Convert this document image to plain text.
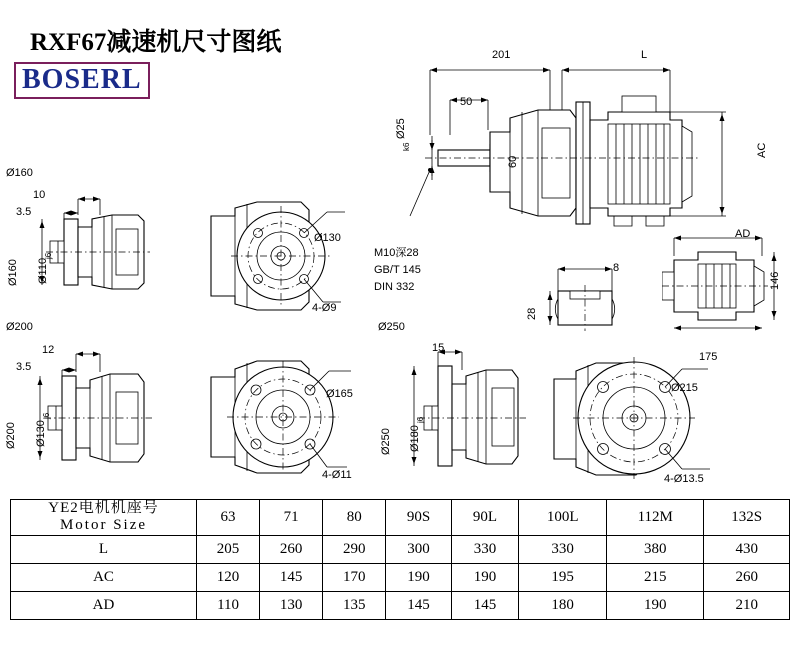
RXF67减速机尺寸图纸
BOSERL
201	L
50
Ø25
k6
60
AC
M10深28
GB/T 145
DIN 332
8
28
AD
146
175
Ø160
10
3.5
Ø160 Ø110
j6
Ø130
4-Ø9
Ø200
12
3.5
Ø200 Ø130
j6
Ø165
4-Ø11
Ø250
15
Ø250 Ø180
j6
Ø215
4-Ø13.5
YE2电机机座号
Motor Size	63	71	80	90S	90L	100L	112M	132S
L	205	260	290	300	330	330	380	430
AC	120	145	170	190	190	195	215	260
AD	110	130	135	145	145	180	190	210
